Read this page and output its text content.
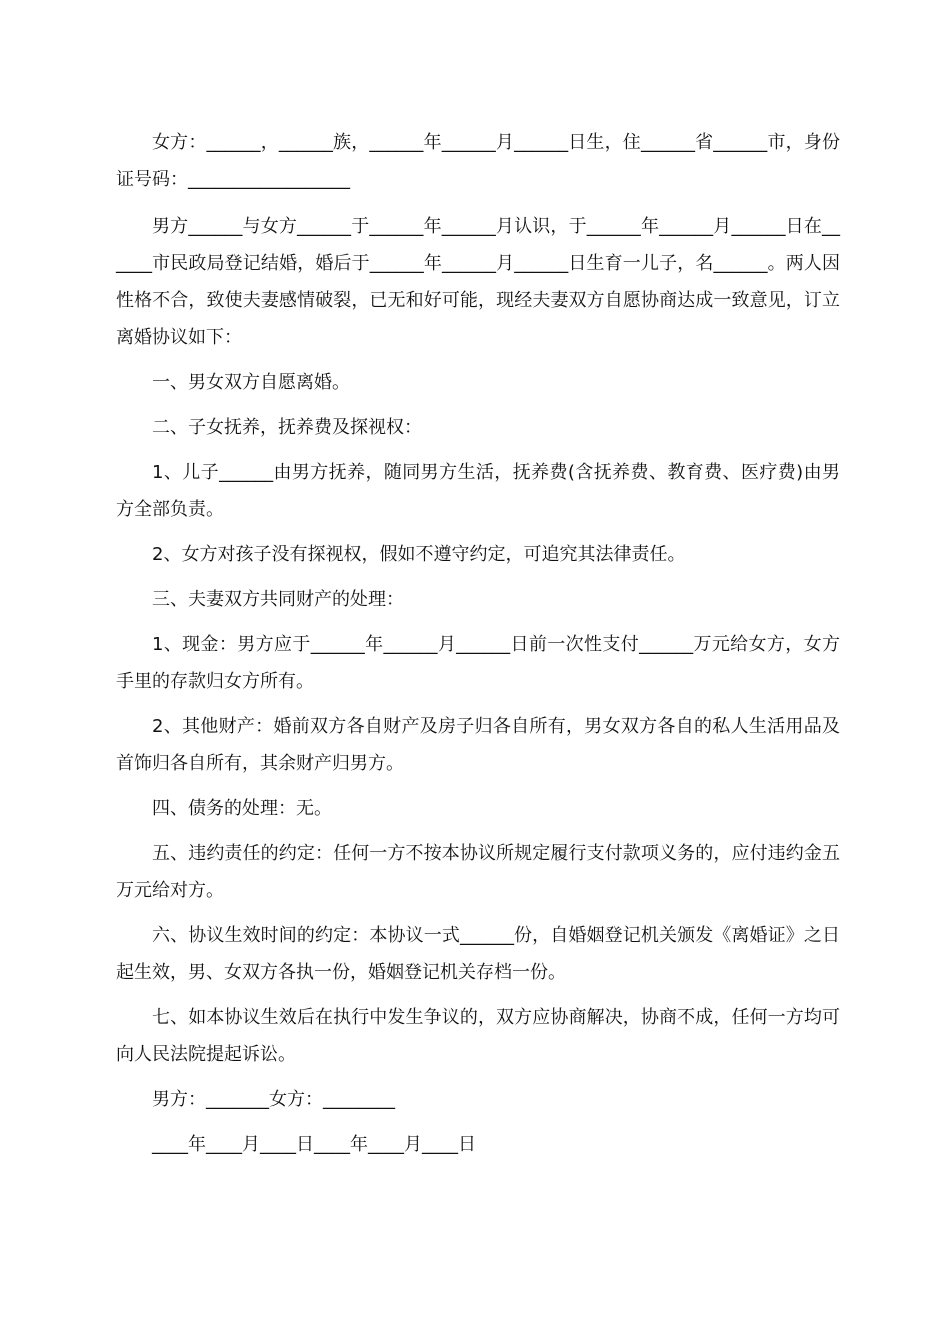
女方：______，______族，______年______月______日生，住______省______市，身份证号码：__________________

男方______与女方______于______年______月认识，于______年______月______日在______市民政局登记结婚，婚后于______年______月______日生育一儿子，名______。两人因性格不合，致使夫妻感情破裂，已无和好可能，现经夫妻双方自愿协商达成一致意见，订立离婚协议如下：

一、男女双方自愿离婚。

二、子女抚养，抚养费及探视权：

1、儿子______由男方抚养，随同男方生活，抚养费(含抚养费、教育费、医疗费)由男方全部负责。

2、女方对孩子没有探视权，假如不遵守约定，可追究其法律责任。

三、夫妻双方共同财产的处理：

1、现金：男方应于______年______月______日前一次性支付______万元给女方，女方手里的存款归女方所有。

2、其他财产：婚前双方各自财产及房子归各自所有，男女双方各自的私人生活用品及首饰归各自所有，其余财产归男方。

四、债务的处理：无。

五、违约责任的约定：任何一方不按本协议所规定履行支付款项义务的，应付违约金五万元给对方。

六、协议生效时间的约定：本协议一式______份，自婚姻登记机关颁发《离婚证》之日起生效，男、女双方各执一份，婚姻登记机关存档一份。

七、如本协议生效后在执行中发生争议的，双方应协商解决，协商不成，任何一方均可向人民法院提起诉讼。

男方：_______女方：________

____年____月____日____年____月____日
